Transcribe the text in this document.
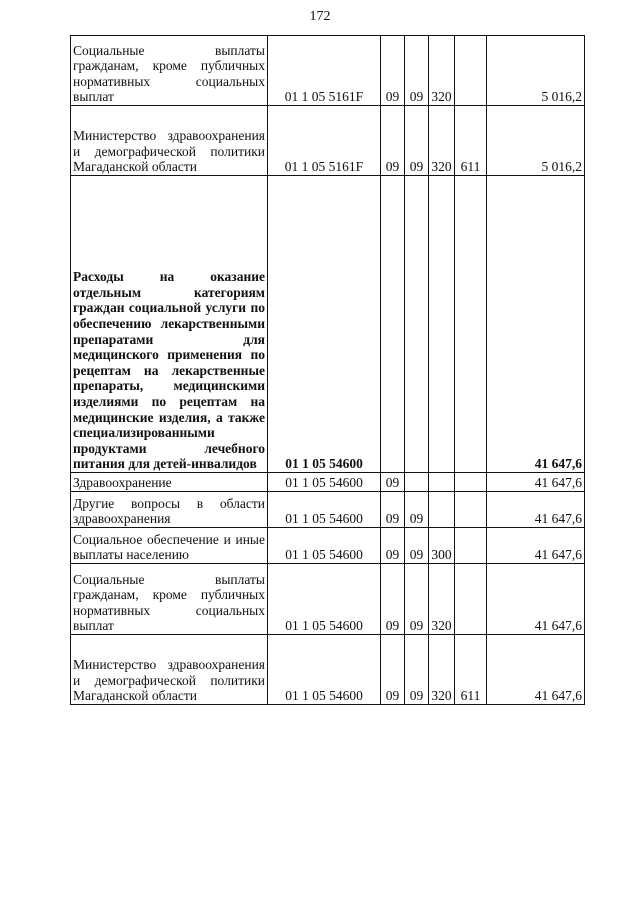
172
Социальные выплаты гражданам, кроме публичных нормативных социальных выплат	01 1 05 5161F	09	09	320		5 016,2

Министерство здравоохранения и демографической политики Магаданской области	01 1 05 5161F	09	09	320	611	5 016,2

Расходы на оказание отдельным категориям граждан социальной услуги по обеспечению лекарственными препаратами для медицинского применения по рецептам на лекарственные препараты, медицинскими изделиями по рецептам на медицинские изделия, а также специализированными продуктами лечебного питания для детей-инвалидов	01 1 05 54600					41 647,6

Здравоохранение	01 1 05 54600	09				41 647,6

Другие вопросы в области здравоохранения	01 1 05 54600	09	09			41 647,6

Социальное обеспечение и иные выплаты населению	01 1 05 54600	09	09	300		41 647,6

Социальные выплаты гражданам, кроме публичных нормативных социальных выплат	01 1 05 54600	09	09	320		41 647,6

Министерство здравоохранения и демографической политики Магаданской области	01 1 05 54600	09	09	320	611	41 647,6
